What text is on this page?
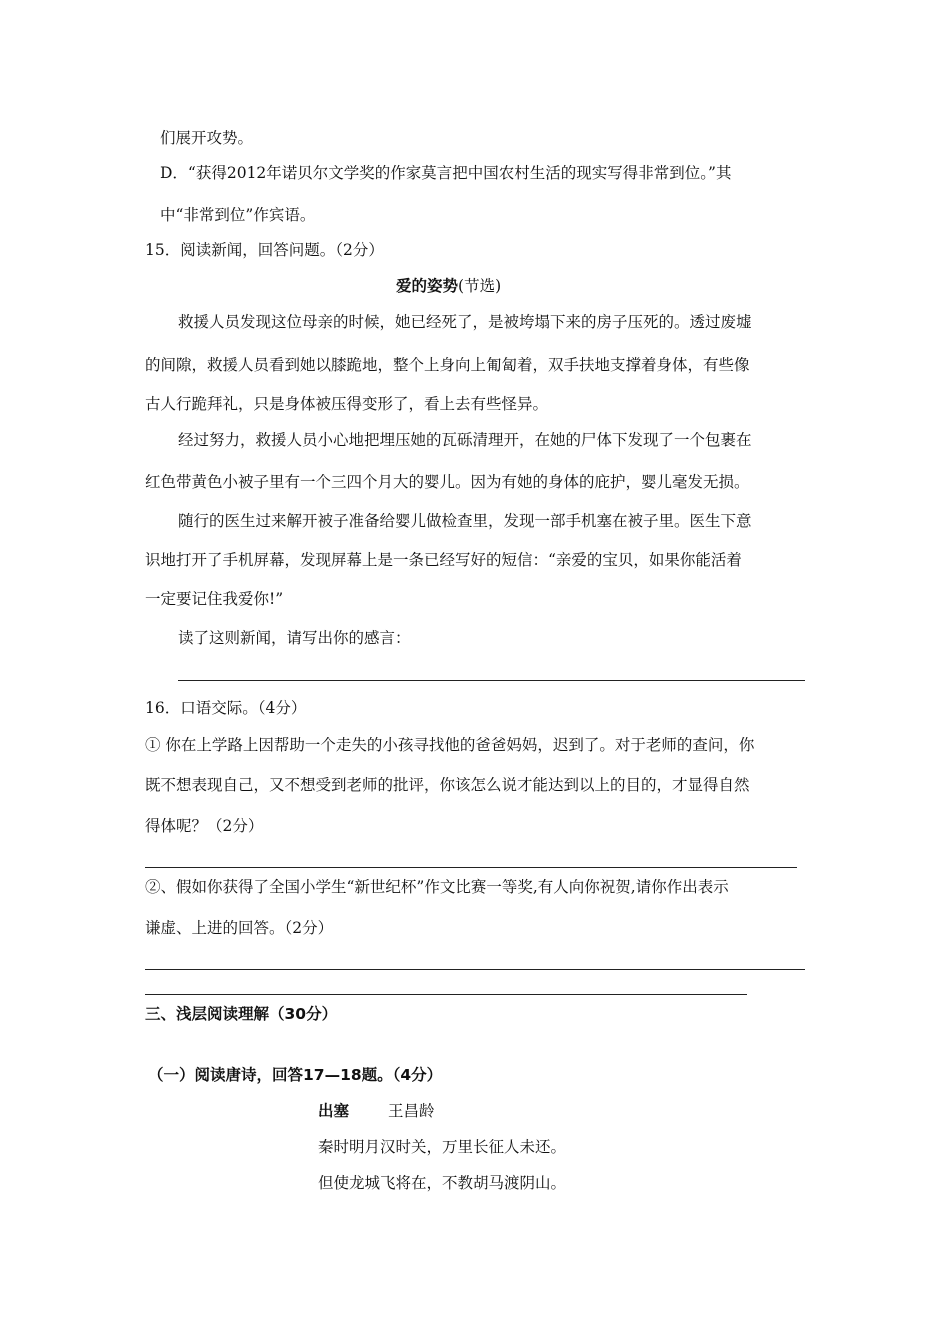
们展开攻势。
D．“获得2012年诺贝尔文学奖的作家莫言把中国农村生活的现实写得非常到位。”其
中“非常到位”作宾语。
15．阅读新闻，回答问题。（2分）
爱的姿势(节选)
救援人员发现这位母亲的时候，她已经死了，是被垮塌下来的房子压死的。透过废墟
的间隙，救援人员看到她以膝跪地，整个上身向上匍匐着，双手扶地支撑着身体，有些像
古人行跪拜礼，只是身体被压得变形了，看上去有些怪异。
经过努力，救援人员小心地把埋压她的瓦砾清理开，在她的尸体下发现了一个包裹在
红色带黄色小被子里有一个三四个月大的婴儿。因为有她的身体的庇护，婴儿毫发无损。
随行的医生过来解开被子准备给婴儿做检查里，发现一部手机塞在被子里。医生下意
识地打开了手机屏幕，发现屏幕上是一条已经写好的短信：“亲爱的宝贝，如果你能活着
一定要记住我爱你!”
读了这则新闻，请写出你的感言：
16．口语交际。（4分）
① 你在上学路上因帮助一个走失的小孩寻找他的爸爸妈妈，迟到了。对于老师的查问，你
既不想表现自己，又不想受到老师的批评，你该怎么说才能达到以上的目的，才显得自然
得体呢？（2分）
②、假如你获得了全国小学生“新世纪杯”作文比赛一等奖,有人向你祝贺,请你作出表示
谦虚、上进的回答。（2分）
三、浅层阅读理解（30分）
（一）阅读唐诗，回答17—18题。（4分）
出塞	王昌龄
秦时明月汉时关，万里长征人未还。
但使龙城飞将在，不教胡马渡阴山。
